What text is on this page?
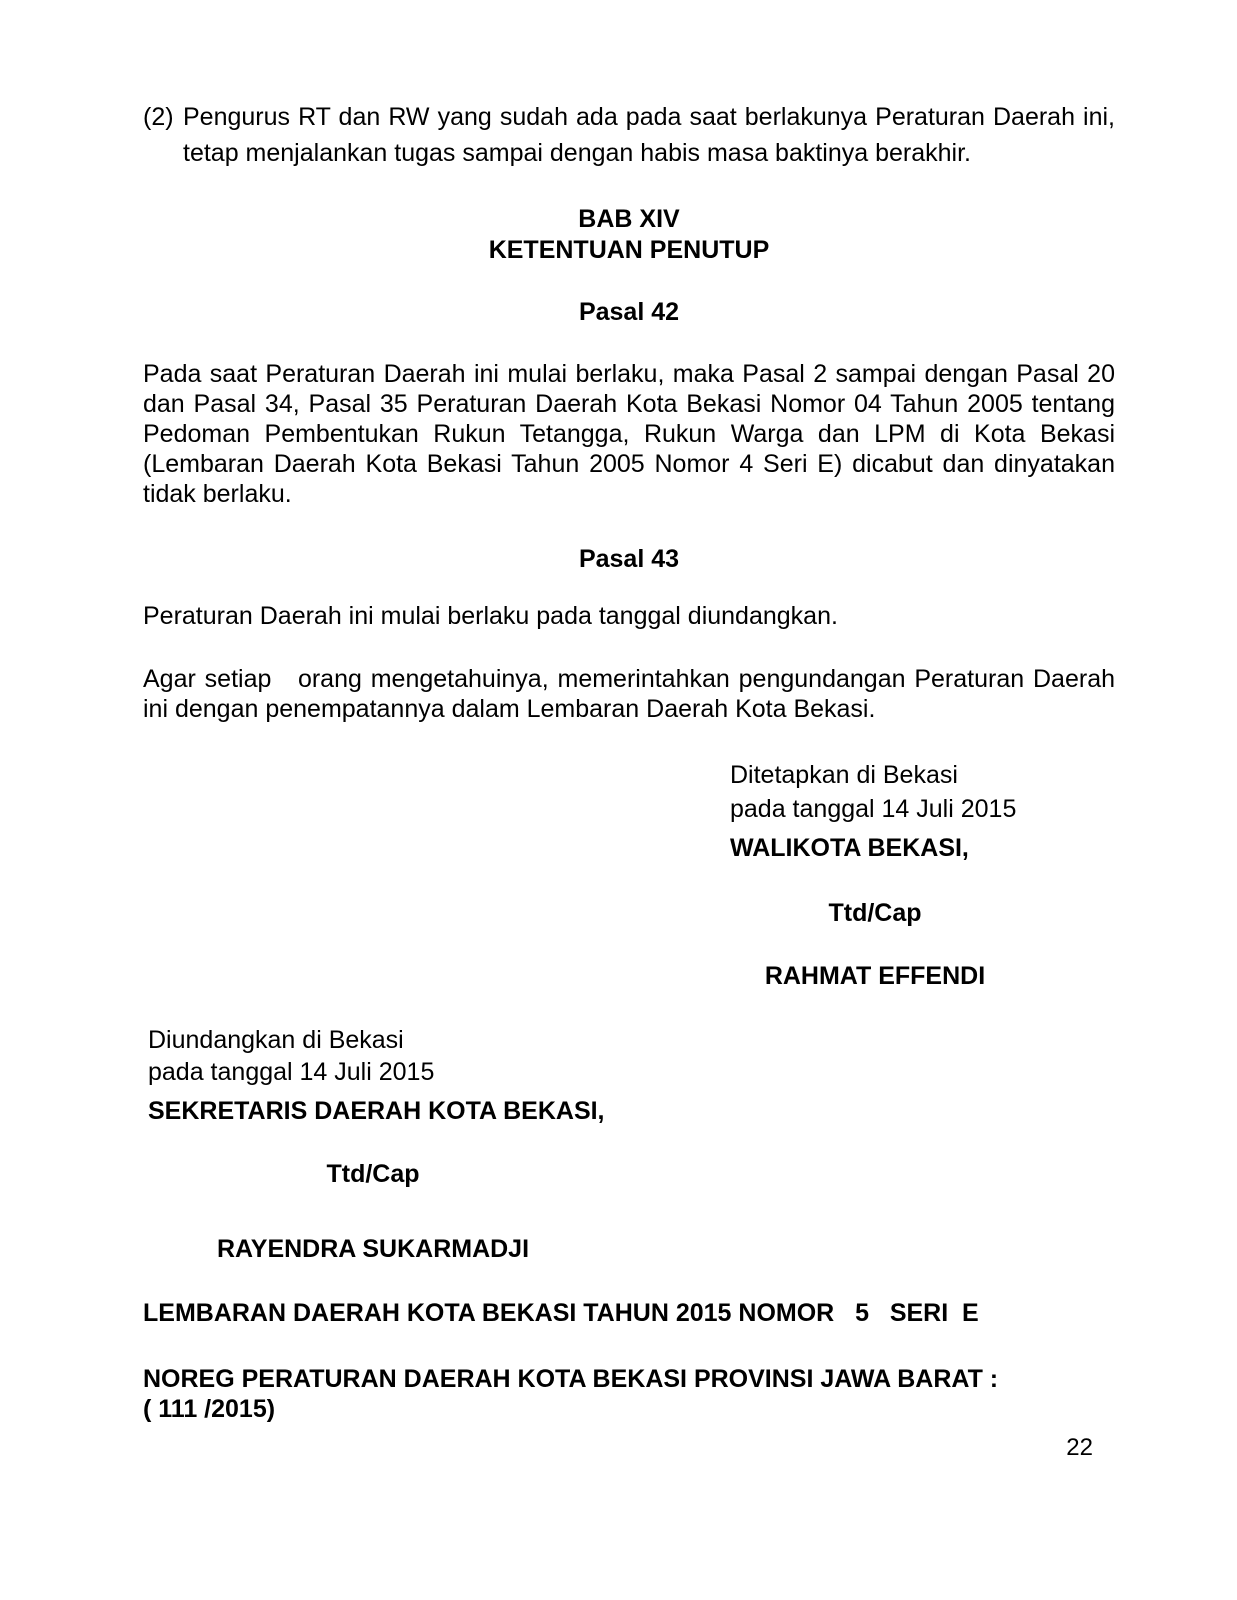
(2) Pengurus RT dan RW yang sudah ada pada saat berlakunya Peraturan Daerah ini, tetap menjalankan tugas sampai dengan habis masa baktinya berakhir.
BAB XIV
KETENTUAN PENUTUP
Pasal 42
Pada saat Peraturan Daerah ini mulai berlaku, maka Pasal 2 sampai dengan Pasal 20 dan Pasal 34, Pasal 35 Peraturan Daerah Kota Bekasi Nomor 04 Tahun 2005 tentang Pedoman Pembentukan Rukun Tetangga, Rukun Warga dan LPM di Kota Bekasi (Lembaran Daerah Kota Bekasi Tahun 2005 Nomor 4 Seri E) dicabut dan dinyatakan tidak berlaku.
Pasal 43
Peraturan Daerah ini mulai berlaku pada tanggal diundangkan.
Agar setiap   orang mengetahuinya, memerintahkan pengundangan Peraturan Daerah ini dengan penempatannya dalam Lembaran Daerah Kota Bekasi.
Ditetapkan di Bekasi
pada tanggal 14 Juli 2015
WALIKOTA BEKASI,
Ttd/Cap
RAHMAT EFFENDI
Diundangkan di Bekasi
pada tanggal 14 Juli 2015
SEKRETARIS DAERAH KOTA BEKASI,
Ttd/Cap
RAYENDRA SUKARMADJI
LEMBARAN DAERAH KOTA BEKASI TAHUN 2015 NOMOR   5   SERI  E
NOREG PERATURAN DAERAH KOTA BEKASI PROVINSI JAWA BARAT :
( 111 /2015)
22
